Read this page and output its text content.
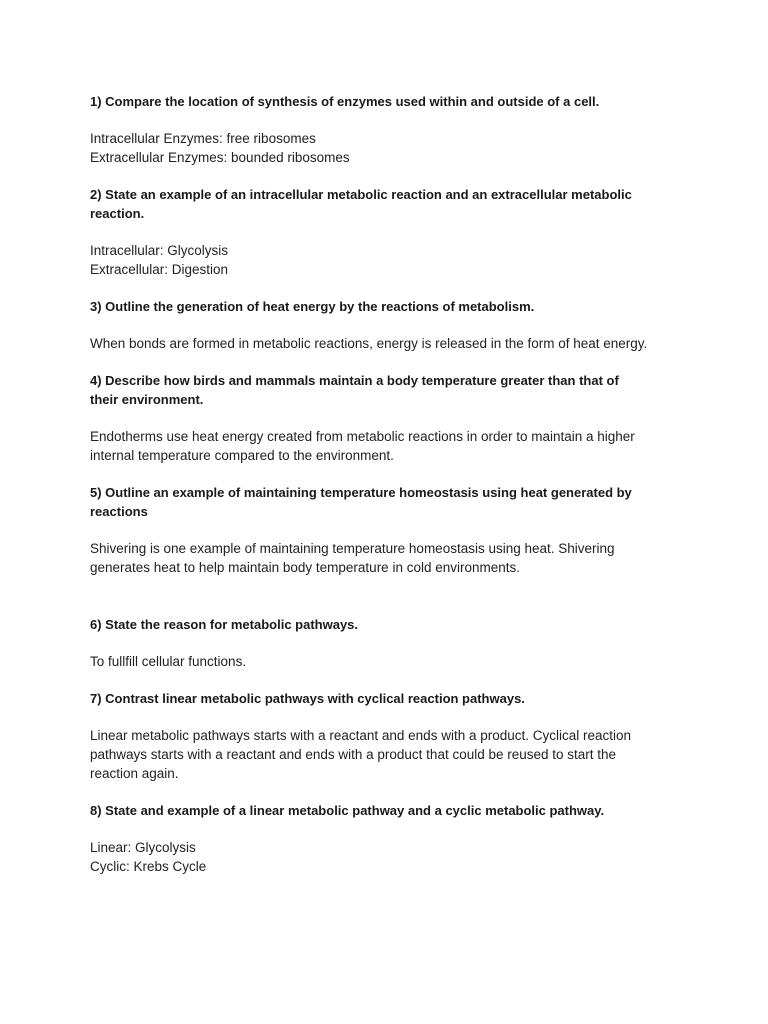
1) Compare the location of synthesis of enzymes used within and outside of a cell.

Intracellular Enzymes: free ribosomes

Extracellular Enzymes: bounded ribosomes

2) State an example of an intracellular metabolic reaction and an extracellular metabolic

reaction.

Intracellular: Glycolysis

Extracellular: Digestion

3) Outline the generation of heat energy by the reactions of metabolism.

When bonds are formed in metabolic reactions, energy is released in the form of heat energy.

4) Describe how birds and mammals maintain a body temperature greater than that of

their environment.

Endotherms use heat energy created from metabolic reactions in order to maintain a higher

internal temperature compared to the environment.

5) Outline an example of maintaining temperature homeostasis using heat generated by

reactions

Shivering is one example of maintaining temperature homeostasis using heat. Shivering

generates heat to help maintain body temperature in cold environments.

6) State the reason for metabolic pathways.

To fullfill cellular functions.

7) Contrast linear metabolic pathways with cyclical reaction pathways.

Linear metabolic pathways starts with a reactant and ends with a product. Cyclical reaction

pathways starts with a reactant and ends with a product that could be reused to start the

reaction again.

8) State and example of a linear metabolic pathway and a cyclic metabolic pathway.

Linear: Glycolysis

Cyclic: Krebs Cycle
